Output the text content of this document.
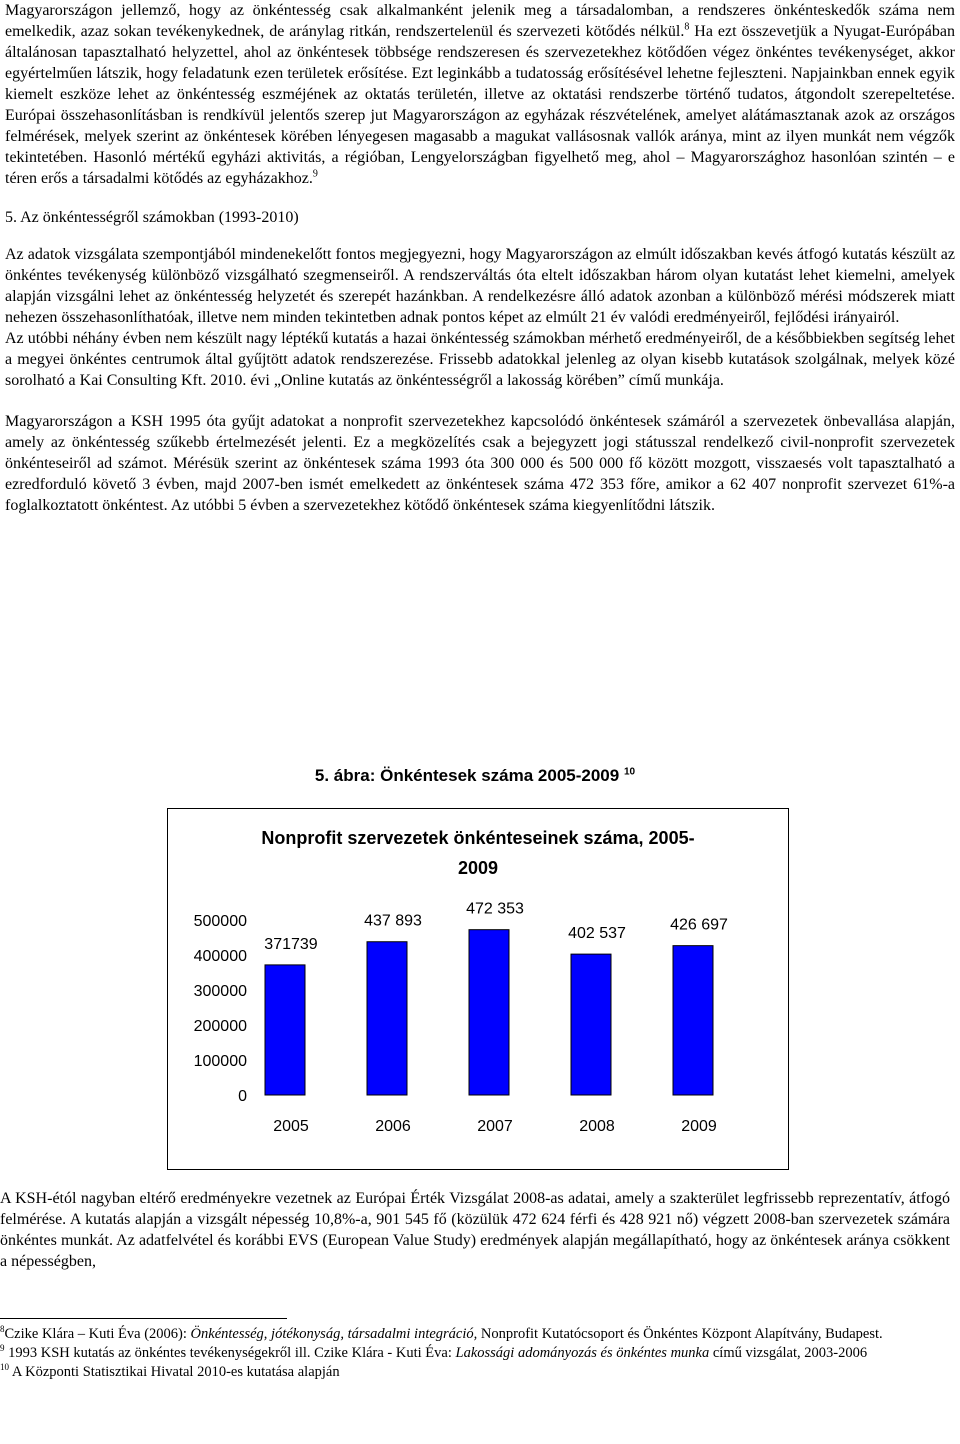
Magyarországon jellemző, hogy az önkéntesség csak alkalmanként jelenik meg a társadalomban, a rendszeres önkénteskedők száma nem emelkedik, azaz sokan tevékenykednek, de aránylag ritkán, rendszertelenül és szervezeti kötődés nélkül.$^8$ Ha ezt összevetjük a Nyugat-Európában általánosan tapasztalható helyzettel, ahol az önkéntesek többsége rendszeresen és szervezetekhez kötődően végez önkéntes tevékenységet, akkor egyértelműen látszik, hogy feladatunk ezen területek erősítése. Ezt leginkább a tudatosság erősítésével lehetne fejleszteni. Napjainkban ennek egyik kiemelt eszköze lehet az önkéntesség eszméjének az oktatás területén, illetve az oktatási rendszerbe történő tudatos, átgondolt szerepeltetése. Európai összehasonlításban is rendkívül jelentős szerep jut Magyarországon az egyházak részvételének, amelyet alátámasztanak azok az országos felmérések, melyek szerint az önkéntesek körében lényegesen magasabb a magukat vallásosnak vallók aránya, mint az ilyen munkát nem végzők tekintetében. Hasonló mértékű egyházi aktivitás, a régióban, Lengyelországban figyelhető meg, ahol – Magyarországhoz hasonlóan szintén – e téren erős a társadalmi kötődés az egyházakhoz.$^9$

5. Az önkéntességről számokban (1993-2010)

Az adatok vizsgálata szempontjából mindenekelőtt fontos megjegyezni, hogy Magyarországon az elmúlt időszakban kevés átfogó kutatás készült az önkéntes tevékenység különböző vizsgálható szegmenseiről. A rendszerváltás óta eltelt időszakban három olyan kutatást lehet kiemelni, amelyek alapján vizsgálni lehet az önkéntesség helyzetét és szerepét hazánkban. A rendelkezésre álló adatok azonban a különböző mérési módszerek miatt nehezen összehasonlíthatóak, illetve nem minden tekintetben adnak pontos képet az elmúlt 21 év valódi eredményeiről, fejlődési irányairól.

Az utóbbi néhány évben nem készült nagy léptékű kutatás a hazai önkéntesség számokban mérhető eredményeiről, de a későbbiekben segítség lehet a megyei önkéntes centrumok által gyűjtött adatok rendszerezése. Frissebb adatokkal jelenleg az olyan kisebb kutatások szolgálnak, melyek közé sorolható a Kai Consulting Kft. 2010. évi „Online kutatás az önkéntességről a lakosság körében” című munkája.

Magyarországon a KSH 1995 óta gyűjt adatokat a nonprofit szervezetekhez kapcsolódó önkéntesek számáról a szervezetek önbevallása alapján, amely az önkéntesség szűkebb értelmezését jelenti. Ez a megközelítés csak a bejegyzett jogi státusszal rendelkező civil-nonprofit szervezetek önkénteseiről ad számot. Mérésük szerint az önkéntesek száma 1993 óta 300 000 és 500 000 fő között mozgott, visszaesés volt tapasztalható a ezredforduló követő 3 évben, majd 2007-ben ismét emelkedett az önkéntesek száma 472 353 főre, amikor a 62 407 nonprofit szervezet 61%-a foglalkoztatott önkéntest. Az utóbbi 5 évben a szervezetekhez kötődő önkéntesek száma kiegyenlítődni látszik.

5. ábra: Önkéntesek száma 2005-2009 $^{10}$
Nonprofit szervezetek önkénteseinek száma, 2005-
2009
500000
400000
300000
200000
100000
0
371739
2005
437 893
2006
472 353
2007
402 537
2008
426 697
2009

A KSH-étól nagyban eltérő eredményekre vezetnek az Európai Érték Vizsgálat 2008-as adatai, amely a szakterület legfrissebb reprezentatív, átfogó felmérése. A kutatás alapján a vizsgált népesség 10,8%-a, 901 545 fő (közülük 472 624 férfi és 428 921 nő) végzett 2008-ban szervezetek számára önkéntes munkát. Az adatfelvétel és korábbi EVS (European Value Study) eredmények alapján megállapítható, hogy az önkéntesek aránya csökkent a népességben,

$^8$Czike Klára – Kuti Éva (2006): Önkéntesség, jótékonyság, társadalmi integráció, Nonprofit Kutatócsoport és Önkéntes Központ Alapítvány, Budapest.

$^9$ 1993 KSH kutatás az önkéntes tevékenységekről ill. Czike Klára - Kuti Éva: Lakossági adományozás és önkéntes munka című vizsgálat, 2003-2006

$^{10}$ A Központi Statisztikai Hivatal 2010-es kutatása alapján
